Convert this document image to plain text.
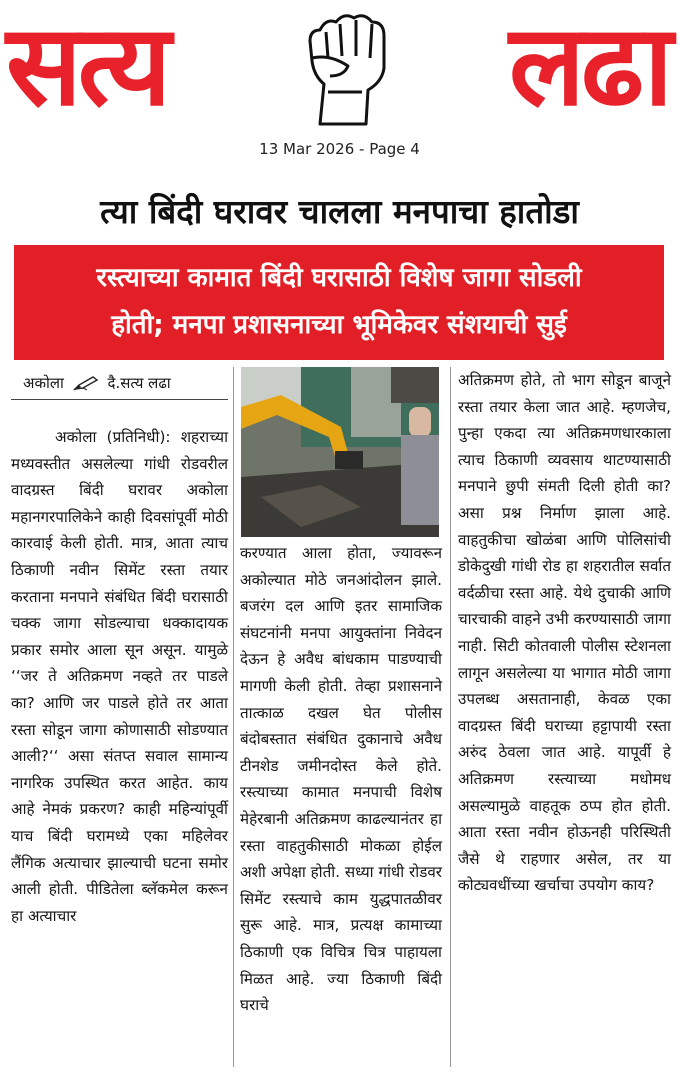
सत्य	लढा
13 Mar 2026 - Page 4
त्या बिंदी घरावर चालला मनपाचा हातोडा
रस्त्याच्या कामात बिंदी घरासाठी विशेष जागा सोडली
होती; मनपा प्रशासनाच्या भूमिकेवर संशयाची सुई
अकोला	दै.सत्य लढा

अकोला (प्रतिनिधी): शहराच्या मध्यवस्तीत असलेल्या गांधी रोडवरील वादग्रस्त बिंदी घरावर अकोला महानगरपालिकेने काही दिवसांपूर्वी मोठी कारवाई केली होती. मात्र, आता त्याच ठिकाणी नवीन सिमेंट रस्ता तयार करताना मनपाने संबंधित बिंदी घरासाठी चक्क जागा सोडल्याचा धक्कादायक प्रकार समोर आला सून असून. यामुळे ‘‘जर ते अतिक्रमण नव्हते तर पाडले का? आणि जर पाडले होते तर आता रस्ता सोडून जागा कोणासाठी सोडण्यात आली?‘‘ असा संतप्त सवाल सामान्य नागरिक उपस्थित करत आहेत. काय आहे नेमकं प्रकरण? काही महिन्यांपूर्वी याच बिंदी घरामध्ये एका महिलेवर लैंगिक अत्याचार झाल्याची घटना समोर आली होती. पीडितेला ब्लॅकमेल करून हा अत्याचार

करण्यात आला होता, ज्यावरून अकोल्यात मोठे जनआंदोलन झाले. बजरंग दल आणि इतर सामाजिक संघटनांनी मनपा आयुक्तांना निवेदन देऊन हे अवैध बांधकाम पाडण्याची मागणी केली होती. तेव्हा प्रशासनाने तात्काळ दखल घेत पोलीस बंदोबस्तात संबंधित दुकानाचे अवैध टीनशेड जमीनदोस्त केले होते. रस्त्याच्या कामात मनपाची विशेष मेहेरबानी अतिक्रमण काढल्यानंतर हा रस्ता वाहतुकीसाठी मोकळा होईल अशी अपेक्षा होती. सध्या गांधी रोडवर सिमेंट रस्त्याचे काम युद्धपातळीवर सुरू आहे. मात्र, प्रत्यक्ष कामाच्या ठिकाणी एक विचित्र चित्र पाहायला मिळत आहे. ज्या ठिकाणी बिंदी घराचे

अतिक्रमण होते, तो भाग सोडून बाजूने रस्ता तयार केला जात आहे. म्हणजेच, पुन्हा एकदा त्या अतिक्रमणधारकाला त्याच ठिकाणी व्यवसाय थाटण्यासाठी मनपाने छुपी संमती दिली होती का? असा प्रश्न निर्माण झाला आहे. वाहतुकीचा खोळंबा आणि पोलिसांची डोकेदुखी गांधी रोड हा शहरातील सर्वात वर्दळीचा रस्ता आहे. येथे दुचाकी आणि चारचाकी वाहने उभी करण्यासाठी जागा नाही. सिटी कोतवाली पोलीस स्टेशनला लागून असलेल्या या भागात मोठी जागा उपलब्ध असतानाही, केवळ एका वादग्रस्त बिंदी घराच्या हट्टापायी रस्ता अरुंद ठेवला जात आहे. यापूर्वी हे अतिक्रमण रस्त्याच्या मधोमध असल्यामुळे वाहतूक ठप्प होत होती. आता रस्ता नवीन होऊनही परिस्थिती जैसे थे राहणार असेल, तर या कोट्यवधींच्या खर्चाचा उपयोग काय?
